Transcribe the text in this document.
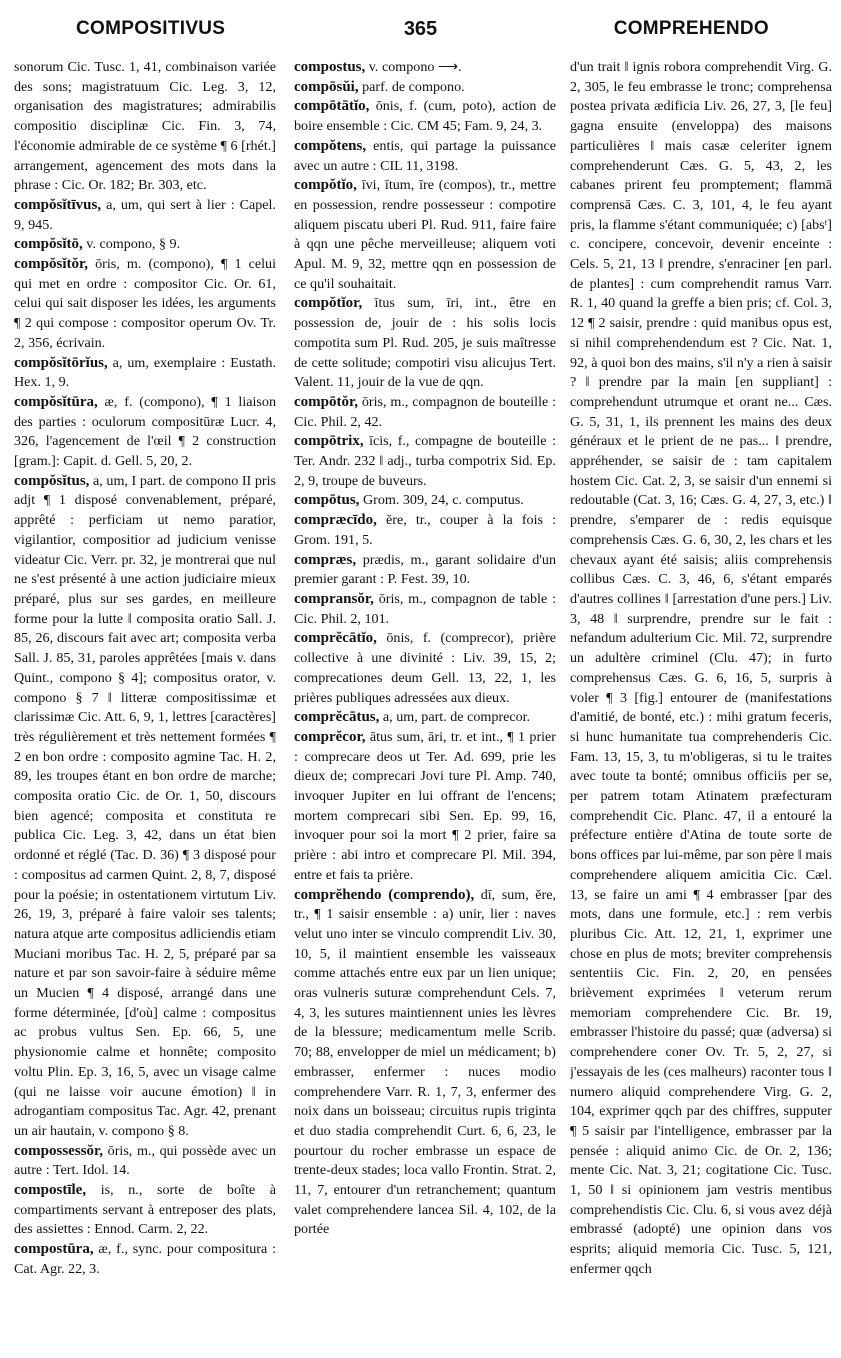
COMPOSITIVUS	365	COMPREHENDO

sonorum Cic. Tusc. 1, 41, combinaison variée des sons; magistratuum Cic. Leg. 3, 12, organisation des magistratures; admirabilis compositio disciplinæ Cic. Fin. 3, 74, l'économie admirable de ce système ¶ 6 [rhét.] arrangement, agencement des mots dans la phrase : Cic. Or. 182; Br. 303, etc.

compŏsĭtīvus, a, um, qui sert à lier : Capel. 9, 945.

compŏsĭtō, v. compono, § 9.

compŏsĭtŏr, ōris, m. (compono), ¶ 1 celui qui met en ordre : compositor Cic. Or. 61, celui qui sait disposer les idées, les arguments ¶ 2 qui compose : compositor operum Ov. Tr. 2, 356, écrivain.

compŏsĭtōrĭus, a, um, exemplaire : Eustath. Hex. 1, 9.

compŏsĭtūra, æ, f. (compono), ¶ 1 liaison des parties : oculorum compositūræ Lucr. 4, 326, l'agencement de l'œil ¶ 2 construction [gram.]: Capit. d. Gell. 5, 20, 2.

compŏsĭtus, a, um, I part. de compono II pris adjt ¶ 1 disposé convenablement, préparé, apprêté : perficiam ut nemo paratior, vigilantior, compositior ad judicium venisse videatur Cic. Verr. pr. 32, je montrerai que nul ne s'est présenté à une action judiciaire mieux préparé, plus sur ses gardes, en meilleure forme pour la lutte ‖ composita oratio Sall. J. 85, 26, discours fait avec art; composita verba Sall. J. 85, 31, paroles apprêtées [mais v. dans Quint., compono § 4]; compositus orator, v. compono § 7 ‖ litteræ compositissimæ et clarissimæ Cic. Att. 6, 9, 1, lettres [caractères] très régulièrement et très nettement formées ¶ 2 en bon ordre : composito agmine Tac. H. 2, 89, les troupes étant en bon ordre de marche; composita oratio Cic. de Or. 1, 50, discours bien agencé; composita et constituta re publica Cic. Leg. 3, 42, dans un état bien ordonné et réglé (Tac. D. 36) ¶ 3 disposé pour : compositus ad carmen Quint. 2, 8, 7, disposé pour la poésie; in ostentationem virtutum Liv. 26, 19, 3, préparé à faire valoir ses talents; natura atque arte compositus adliciendis etiam Muciani moribus Tac. H. 2, 5, préparé par sa nature et par son savoir-faire à séduire même un Mucien ¶ 4 disposé, arrangé dans une forme déterminée, [d'où] calme : compositus ac probus vultus Sen. Ep. 66, 5, une physionomie calme et honnête; composito voltu Plin. Ep. 3, 16, 5, avec un visage calme (qui ne laisse voir aucune émotion) ‖ in adrogantiam compositus Tac. Agr. 42, prenant un air hautain, v. compono § 8.

compossessŏr, ōris, m., qui possède avec un autre : Tert. Idol. 14.

compostīle, is, n., sorte de boîte à compartiments servant à entreposer des plats, des assiettes : Ennod. Carm. 2, 22.

compostūra, æ, f., sync. pour compositura : Cat. Agr. 22, 3.

compostus, v. compono ⟶.

compōsŭi, parf. de compono.

compōtātĭo, ōnis, f. (cum, poto), action de boire ensemble : Cic. CM 45; Fam. 9, 24, 3.

compŏtens, entis, qui partage la puissance avec un autre : CIL 11, 3198.

compŏtĭo, īvi, ītum, īre (compos), tr., mettre en possession, rendre possesseur : compotire aliquem piscatu uberi Pl. Rud. 911, faire faire à qqn une pêche merveilleuse; aliquem voti Apul. M. 9, 32, mettre qqn en possession de ce qu'il souhaitait.

compŏtĭor, ītus sum, īri, int., être en possession de, jouir de : his solis locis compotita sum Pl. Rud. 205, je suis maîtresse de cette solitude; compotiri visu alicujus Tert. Valent. 11, jouir de la vue de qqn.

compōtŏr, ōris, m., compagnon de bouteille : Cic. Phil. 2, 42.

compōtrix, īcis, f., compagne de bouteille : Ter. Andr. 232 ‖ adj., turba compotrix Sid. Ep. 2, 9, troupe de buveurs.

compōtus, Grom. 309, 24, c. computus.

compræcīdo, ĕre, tr., couper à la fois : Grom. 191, 5.

compræs, prædis, m., garant solidaire d'un premier garant : P. Fest. 39, 10.

compransŏr, ōris, m., compagnon de table : Cic. Phil. 2, 101.

comprĕcātĭo, ōnis, f. (comprecor), prière collective à une divinité : Liv. 39, 15, 2; comprecationes deum Gell. 13, 22, 1, les prières publiques adressées aux dieux.

comprĕcātus, a, um, part. de comprecor.

comprĕcor, ātus sum, āri, tr. et int., ¶ 1 prier : comprecare deos ut Ter. Ad. 699, prie les dieux de; comprecari Jovi ture Pl. Amp. 740, invoquer Jupiter en lui offrant de l'encens; mortem comprecari sibi Sen. Ep. 99, 16, invoquer pour soi la mort ¶ 2 prier, faire sa prière : abi intro et comprecare Pl. Mil. 394, entre et fais ta prière.

comprĕhendo (comprendo), dī, sum, ĕre, tr., ¶ 1 saisir ensemble : a) unir, lier : naves velut uno inter se vinculo comprendit Liv. 30, 10, 5, il maintient ensemble les vaisseaux comme attachés entre eux par un lien unique; oras vulneris suturæ comprehendunt Cels. 7, 4, 3, les sutures maintiennent unies les lèvres de la blessure; medicamentum melle Scrib. 70; 88, envelopper de miel un médicament; b) embrasser, enfermer : nuces modio comprehendere Varr. R. 1, 7, 3, enfermer des noix dans un boisseau; circuitus rupis triginta et duo stadia comprehendit Curt. 6, 6, 23, le pourtour du rocher embrasse un espace de trente-deux stades; loca vallo Frontin. Strat. 2, 11, 7, entourer d'un retranchement; quantum valet comprehendere lancea Sil. 4, 102, de la portée

d'un trait ‖ ignis robora comprehendit Virg. G. 2, 305, le feu embrasse le tronc; comprehensa postea privata ædificia Liv. 26, 27, 3, [le feu] gagna ensuite (enveloppa) des maisons particulières ‖ mais casæ celeriter ignem comprehenderunt Cæs. G. 5, 43, 2, les cabanes prirent feu promptement; flammā comprensā Cæs. C. 3, 101, 4, le feu ayant pris, la flamme s'étant communiquée; c) [absᵗ] c. concipere, concevoir, devenir enceinte : Cels. 5, 21, 13 ‖ prendre, s'enraciner [en parl. de plantes] : cum comprehendit ramus Varr. R. 1, 40 quand la greffe a bien pris; cf. Col. 3, 12 ¶ 2 saisir, prendre : quid manibus opus est, si nihil comprehendendum est ? Cic. Nat. 1, 92, à quoi bon des mains, s'il n'y a rien à saisir ? ‖ prendre par la main [en suppliant] : comprehendunt utrumque et orant ne... Cæs. G. 5, 31, 1, ils prennent les mains des deux généraux et le prient de ne pas... ‖ prendre, appréhender, se saisir de : tam capitalem hostem Cic. Cat. 2, 3, se saisir d'un ennemi si redoutable (Cat. 3, 16; Cæs. G. 4, 27, 3, etc.) ‖ prendre, s'emparer de : redis equisque comprehensis Cæs. G. 6, 30, 2, les chars et les chevaux ayant été saisis; aliis comprehensis collibus Cæs. C. 3, 46, 6, s'étant emparés d'autres collines ‖ [arrestation d'une pers.] Liv. 3, 48 ‖ surprendre, prendre sur le fait : nefandum adulterium Cic. Mil. 72, surprendre un adultère criminel (Clu. 47); in furto comprehensus Cæs. G. 6, 16, 5, surpris à voler ¶ 3 [fig.] entourer de (manifestations d'amitié, de bonté, etc.) : mihi gratum feceris, si hunc humanitate tua comprehenderis Cic. Fam. 13, 15, 3, tu m'obligeras, si tu le traites avec toute ta bonté; omnibus officiis per se, per patrem totam Atinatem præfecturam comprehendit Cic. Planc. 47, il a entouré la préfecture entière d'Atina de toute sorte de bons offices par lui-même, par son père ‖ mais comprehendere aliquem amicitia Cic. Cæl. 13, se faire un ami ¶ 4 embrasser [par des mots, dans une formule, etc.] : rem verbis pluribus Cic. Att. 12, 21, 1, exprimer une chose en plus de mots; breviter comprehensis sententiis Cic. Fin. 2, 20, en pensées brièvement exprimées ‖ veterum rerum memoriam comprehendere Cic. Br. 19, embrasser l'histoire du passé; quæ (adversa) si comprehendere coner Ov. Tr. 5, 2, 27, si j'essayais de les (ces malheurs) raconter tous ‖ numero aliquid comprehendere Virg. G. 2, 104, exprimer qqch par des chiffres, supputer ¶ 5 saisir par l'intelligence, embrasser par la pensée : aliquid animo Cic. de Or. 2, 136; mente Cic. Nat. 3, 21; cogitatione Cic. Tusc. 1, 50 ‖ si opinionem jam vestris mentibus comprehendistis Cic. Clu. 6, si vous avez déjà embrassé (adopté) une opinion dans vos esprits; aliquid memoria Cic. Tusc. 5, 121, enfermer qqch
